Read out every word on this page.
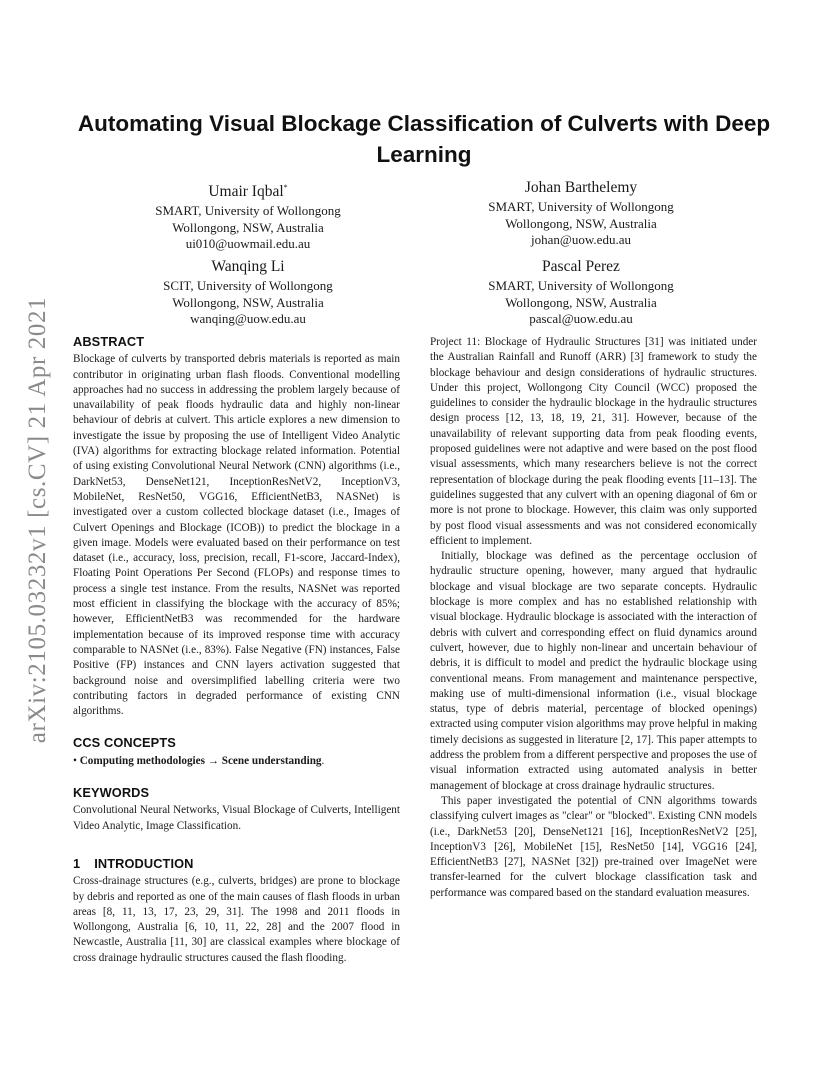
arXiv:2105.03232v1 [cs.CV] 21 Apr 2021
Automating Visual Blockage Classification of Culverts with Deep Learning
Umair Iqbal*
SMART, University of Wollongong
Wollongong, NSW, Australia
ui010@uowmail.edu.au
Johan Barthelemy
SMART, University of Wollongong
Wollongong, NSW, Australia
johan@uow.edu.au
Wanqing Li
SCIT, University of Wollongong
Wollongong, NSW, Australia
wanqing@uow.edu.au
Pascal Perez
SMART, University of Wollongong
Wollongong, NSW, Australia
pascal@uow.edu.au
ABSTRACT

Blockage of culverts by transported debris materials is reported as main contributor in originating urban flash floods. Conventional modelling approaches had no success in addressing the problem largely because of unavailability of peak floods hydraulic data and highly non-linear behaviour of debris at culvert. This article explores a new dimension to investigate the issue by proposing the use of Intelligent Video Analytic (IVA) algorithms for extracting blockage related information. Potential of using existing Convolutional Neural Network (CNN) algorithms (i.e., DarkNet53, DenseNet121, InceptionResNetV2, InceptionV3, MobileNet, ResNet50, VGG16, EfficientNetB3, NASNet) is investigated over a custom collected blockage dataset (i.e., Images of Culvert Openings and Blockage (ICOB)) to predict the blockage in a given image. Models were evaluated based on their performance on test dataset (i.e., accuracy, loss, precision, recall, F1-score, Jaccard-Index), Floating Point Operations Per Second (FLOPs) and response times to process a single test instance. From the results, NASNet was reported most efficient in classifying the blockage with the accuracy of 85%; however, EfficientNetB3 was recommended for the hardware implementation because of its improved response time with accuracy comparable to NASNet (i.e., 83%). False Negative (FN) instances, False Positive (FP) instances and CNN layers activation suggested that background noise and oversimplified labelling criteria were two contributing factors in degraded performance of existing CNN algorithms.

CCS CONCEPTS

• Computing methodologies → Scene understanding.

KEYWORDS

Convolutional Neural Networks, Visual Blockage of Culverts, Intelligent Video Analytic, Image Classification.

1 INTRODUCTION

Cross-drainage structures (e.g., culverts, bridges) are prone to blockage by debris and reported as one of the main causes of flash floods in urban areas [8, 11, 13, 17, 23, 29, 31]. The 1998 and 2011 floods in Wollongong, Australia [6, 10, 11, 22, 28] and the 2007 flood in Newcastle, Australia [11, 30] are classical examples where blockage of cross drainage hydraulic structures caused the flash flooding.

Project 11: Blockage of Hydraulic Structures [31] was initiated under the Australian Rainfall and Runoff (ARR) [3] framework to study the blockage behaviour and design considerations of hydraulic structures. Under this project, Wollongong City Council (WCC) proposed the guidelines to consider the hydraulic blockage in the hydraulic structures design process [12, 13, 18, 19, 21, 31]. However, because of the unavailability of relevant supporting data from peak flooding events, proposed guidelines were not adaptive and were based on the post flood visual assessments, which many researchers believe is not the correct representation of blockage during the peak flooding events [11–13]. The guidelines suggested that any culvert with an opening diagonal of 6m or more is not prone to blockage. However, this claim was only supported by post flood visual assessments and was not considered economically efficient to implement.

Initially, blockage was defined as the percentage occlusion of hydraulic structure opening, however, many argued that hydraulic blockage and visual blockage are two separate concepts. Hydraulic blockage is more complex and has no established relationship with visual blockage. Hydraulic blockage is associated with the interaction of debris with culvert and corresponding effect on fluid dynamics around culvert, however, due to highly non-linear and uncertain behaviour of debris, it is difficult to model and predict the hydraulic blockage using conventional means. From management and maintenance perspective, making use of multi-dimensional information (i.e., visual blockage status, type of debris material, percentage of blocked openings) extracted using computer vision algorithms may prove helpful in making timely decisions as suggested in literature [2, 17]. This paper attempts to address the problem from a different perspective and proposes the use of visual information extracted using automated analysis in better management of blockage at cross drainage hydraulic structures.

This paper investigated the potential of CNN algorithms towards classifying culvert images as "clear" or "blocked". Existing CNN models (i.e., DarkNet53 [20], DenseNet121 [16], InceptionResNetV2 [25], InceptionV3 [26], MobileNet [15], ResNet50 [14], VGG16 [24], EfficientNetB3 [27], NASNet [32]) pre-trained over ImageNet were transfer-learned for the culvert blockage classification task and performance was compared based on the standard evaluation measures.
